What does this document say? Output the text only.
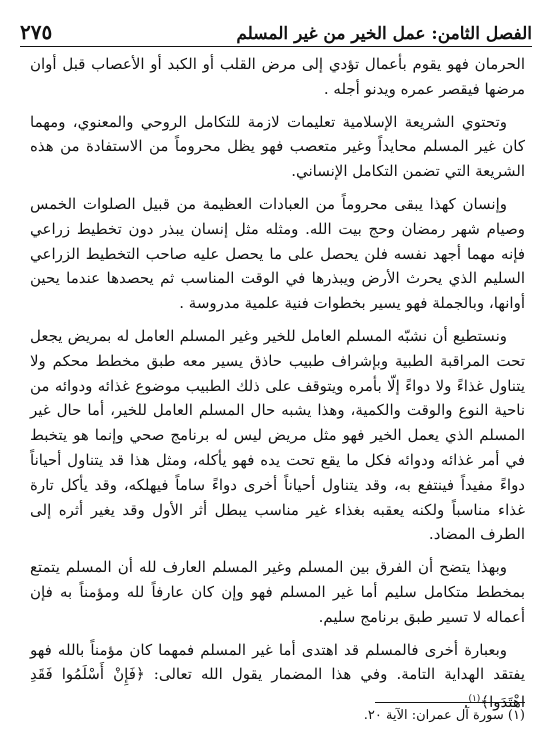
٢٧٥	الفصل الثامن: عمل الخير من غير المسلم

الحرمان فهو يقوم بأعمال تؤدي إلى مرض القلب أو الكبد أو الأعصاب قبل أوان مرضها فيقصر عمره ويدنو أجله .

وتحتوي الشريعة الإسلامية تعليمات لازمة للتكامل الروحي والمعنوي، ومهما كان غير المسلم محايداً وغير متعصب فهو يظل محروماً من الاستفادة من هذه الشريعة التي تضمن التكامل الإنساني.

وإنسان كهذا يبقى محروماً من العبادات العظيمة من قبيل الصلوات الخمس وصيام شهر رمضان وحج بيت الله. ومثله مثل إنسان يبذر دون تخطيط زراعي فإنه مهما أجهد نفسه فلن يحصل على ما يحصل عليه صاحب التخطيط الزراعي السليم الذي يحرث الأرض ويبذرها في الوقت المناسب ثم يحصدها عندما يحين أوانها، وبالجملة فهو يسير بخطوات فنية علمية مدروسة .

ونستطيع أن نشبّه المسلم العامل للخير وغير المسلم العامل له بمريض يجعل تحت المراقبة الطبية وبإشراف طبيب حاذق يسير معه طبق مخطط محكم ولا يتناول غذاءً ولا دواءً إلّا بأمره ويتوقف على ذلك الطبيب موضوع غذائه ودوائه من ناحية النوع والوقت والكمية، وهذا يشبه حال المسلم العامل للخير، أما حال غير المسلم الذي يعمل الخير فهو مثل مريض ليس له برنامج صحي وإنما هو يتخبط في أمر غذائه ودوائه فكل ما يقع تحت يده فهو يأكله، ومثل هذا قد يتناول أحياناً دواءً مفيداً فينتفع به، وقد يتناول أحياناً أخرى دواءً ساماً فيهلكه، وقد يأكل تارة غذاء مناسباً ولكنه يعقبه بغذاء غير مناسب يبطل أثر الأول وقد يغير أثره إلى الطرف المضاد.

وبهذا يتضح أن الفرق بين المسلم وغير المسلم العارف لله أن المسلم يتمتع بمخطط متكامل سليم أما غير المسلم فهو وإن كان عارفاً لله ومؤمناً به فإن أعماله لا تسير طبق برنامج سليم.

وبعبارة أخرى فالمسلم قد اهتدى أما غير المسلم فمهما كان مؤمناً بالله فهو يفتقد الهداية التامة. وفي هذا المضمار يقول الله تعالى: ﴿فَإِنْ أَسْلَمُوا فَقَدِ اهْتَدَوا﴾$^{(١)}$.

(١) سورة آل عمران: الآية ٢٠.
